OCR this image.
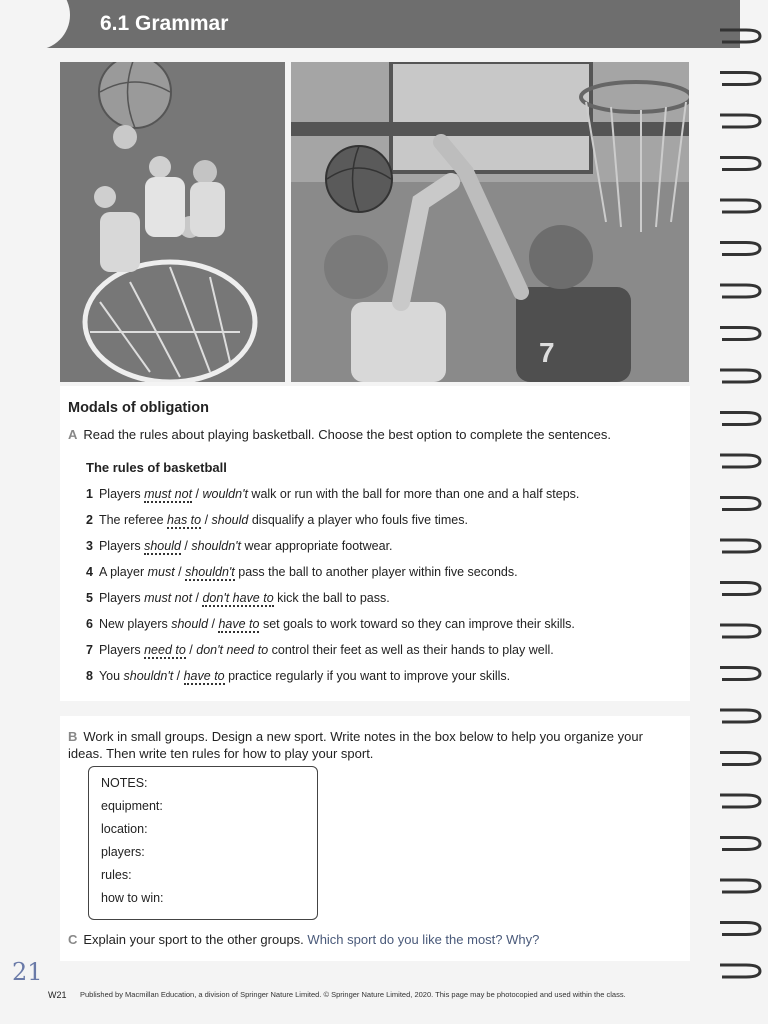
6.1 Grammar
7
Modals of obligation
A Read the rules about playing basketball. Choose the best option to complete the sentences.
The rules of basketball
1 Players must not / wouldn't walk or run with the ball for more than one and a half steps.
2 The referee has to / should disqualify a player who fouls five times.
3 Players should / shouldn't wear appropriate footwear.
4 A player must / shouldn't pass the ball to another player within five seconds.
5 Players must not / don't have to kick the ball to pass.
6 New players should / have to set goals to work toward so they can improve their skills.
7 Players need to / don't need to control their feet as well as their hands to play well.
8 You shouldn't / have to practice regularly if you want to improve your skills.
B Work in small groups. Design a new sport. Write notes in the box below to help you organize your ideas. Then write ten rules for how to play your sport.
NOTES:
equipment:
location:
players:
rules:
how to win:
C Explain your sport to the other groups. Which sport do you like the most? Why?
21
W21 Published by Macmillan Education, a division of Springer Nature Limited. © Springer Nature Limited, 2020. This page may be photocopied and used within the class.
